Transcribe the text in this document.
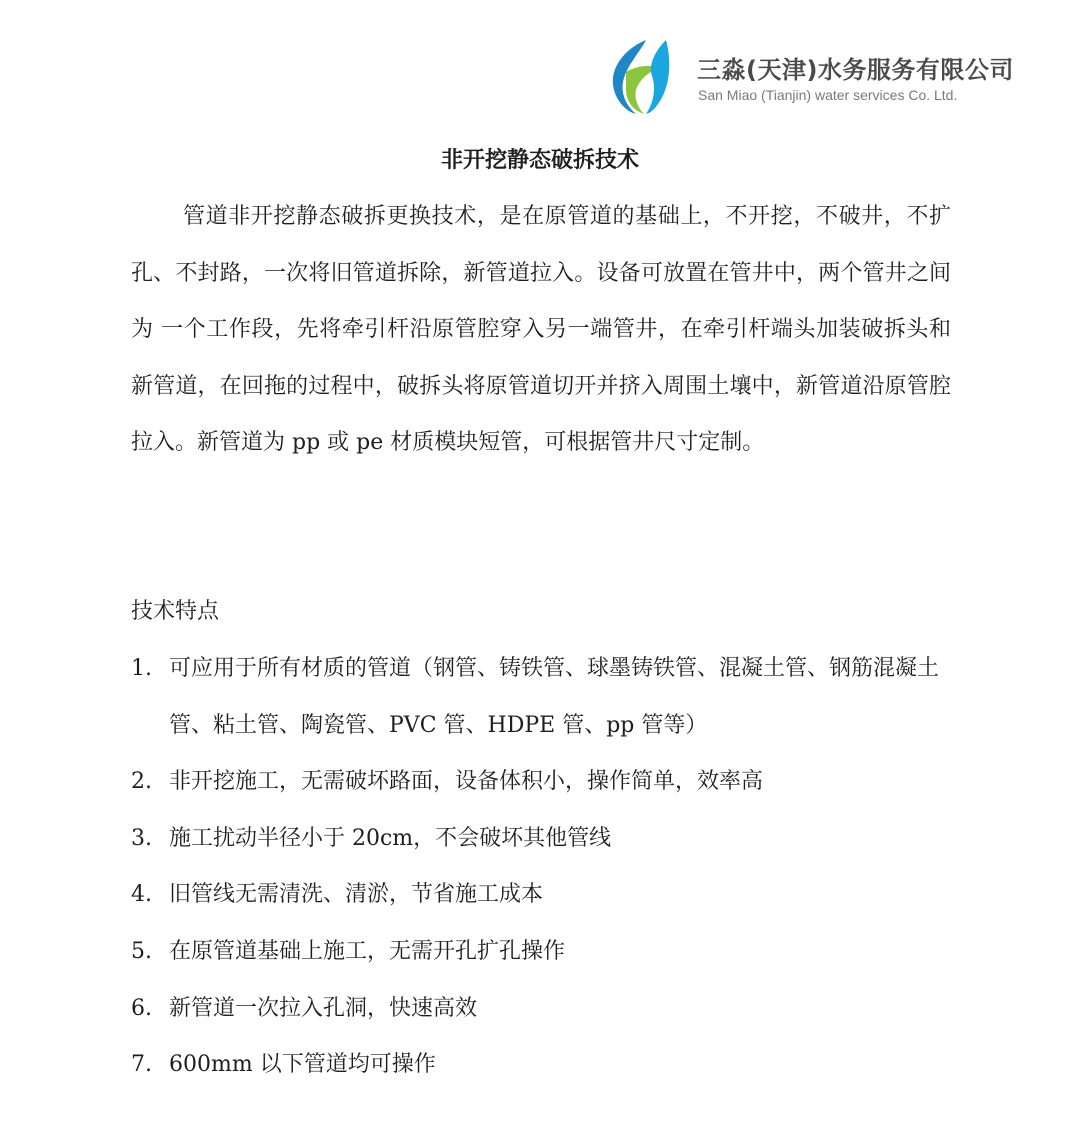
三淼(天津)水务服务有限公司
San Miao (Tianjin) water services Co. Ltd.
非开挖静态破拆技术

管道非开挖静态破拆更换技术，是在原管道的基础上，不开挖，不破井，不扩孔、不封路，一次将旧管道拆除，新管道拉入。设备可放置在管井中，两个管井之间为 一个工作段，先将牵引杆沿原管腔穿入另一端管井，在牵引杆端头加装破拆头和新管道，在回拖的过程中，破拆头将原管道切开并挤入周围土壤中，新管道沿原管腔拉入。新管道为 pp 或 pe 材质模块短管，可根据管井尺寸定制。

技术特点
1. 可应用于所有材质的管道（钢管、铸铁管、球墨铸铁管、混凝土管、钢筋混凝土管、粘土管、陶瓷管、PVC 管、HDPE 管、pp 管等）
2. 非开挖施工，无需破坏路面，设备体积小，操作简单，效率高
3. 施工扰动半径小于 20cm，不会破坏其他管线
4. 旧管线无需清洗、清淤，节省施工成本
5. 在原管道基础上施工，无需开孔扩孔操作
6. 新管道一次拉入孔洞，快速高效
7. 600mm 以下管道均可操作
